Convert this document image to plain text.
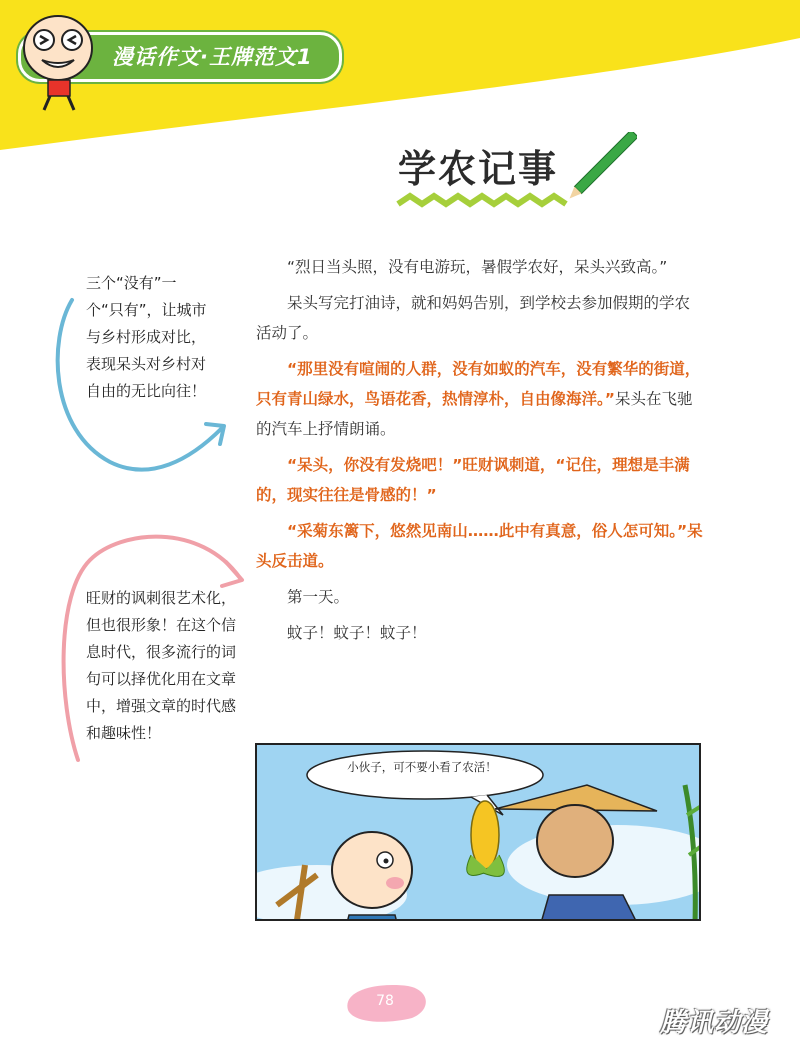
漫话作文·王牌范文1
学农记事

“烈日当头照，没有电游玩，暑假学农好，呆头兴致高。”

呆头写完打油诗，就和妈妈告别，到学校去参加假期的学农活动了。

“那里没有喧闹的人群，没有如蚁的汽车，没有繁华的街道，只有青山绿水，鸟语花香，热情淳朴，自由像海洋。”呆头在飞驰的汽车上抒情朗诵。

“呆头，你没有发烧吧！”旺财讽刺道，“记住，理想是丰满的，现实往往是骨感的！”

“采菊东篱下，悠然见南山……此中有真意，俗人怎可知。”呆头反击道。

第一天。

蚊子！蚊子！蚊子！

三个“没有”一个“只有”，让城市与乡村形成对比，表现呆头对乡村对自由的无比向往！
旺财的讽刺很艺术化，但也很形象！在这个信息时代，很多流行的词句可以择优化用在文章中，增强文章的时代感和趣味性！
小伙子，可不要小看了农活！
78
腾讯动漫
